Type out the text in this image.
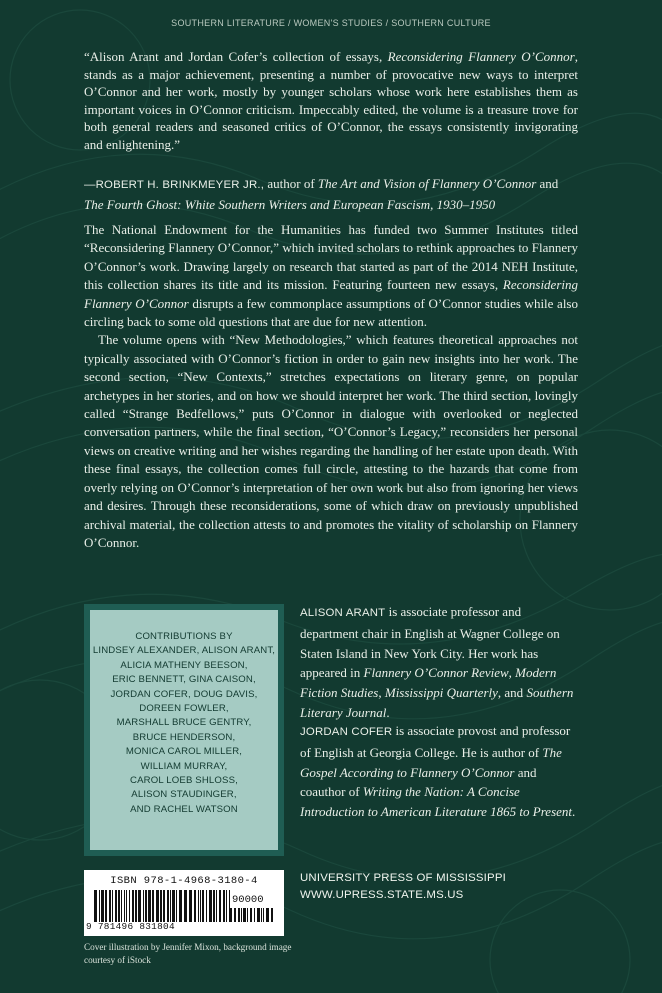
SOUTHERN LITERATURE / WOMEN'S STUDIES / SOUTHERN CULTURE

“Alison Arant and Jordan Cofer’s collection of essays, Reconsidering Flannery O’Connor, stands as a major achievement, presenting a number of provocative new ways to interpret O’Connor and her work, mostly by younger scholars whose work here establishes them as important voices in O’Connor criticism. Impeccably edited, the volume is a treasure trove for both general readers and seasoned critics of O’Connor, the essays consistently invigorating and enlightening.”

—ROBERT H. BRINKMEYER JR., author of The Art and Vision of Flannery O’Connor and The Fourth Ghost: White Southern Writers and European Fascism, 1930–1950

The National Endowment for the Humanities has funded two Summer Institutes titled “Reconsidering Flannery O’Connor,” which invited scholars to rethink approaches to Flannery O’Connor’s work. Drawing largely on research that started as part of the 2014 NEH Institute, this collection shares its title and its mission. Featuring fourteen new essays, Reconsidering Flannery O’Connor disrupts a few commonplace assumptions of O’Connor studies while also circling back to some old questions that are due for new attention.

The volume opens with “New Methodologies,” which features theoretical approaches not typically associated with O’Connor’s fiction in order to gain new insights into her work. The second section, “New Contexts,” stretches expectations on literary genre, on popular archetypes in her stories, and on how we should interpret her work. The third section, lovingly called “Strange Bedfellows,” puts O’Connor in dialogue with overlooked or neglected conversation partners, while the final section, “O’Connor’s Legacy,” reconsiders her personal views on creative writing and her wishes regarding the handling of her estate upon death. With these final essays, the collection comes full circle, attesting to the hazards that come from overly relying on O’Connor’s interpretation of her own work but also from ignoring her views and desires. Through these reconsiderations, some of which draw on previously unpublished archival material, the collection attests to and promotes the vitality of scholarship on Flannery O’Connor.

CONTRIBUTIONS BY
LINDSEY ALEXANDER, ALISON ARANT,
ALICIA MATHENY BEESON,
ERIC BENNETT, GINA CAISON,
JORDAN COFER, DOUG DAVIS,
DOREEN FOWLER,
MARSHALL BRUCE GENTRY,
BRUCE HENDERSON,
MONICA CAROL MILLER,
WILLIAM MURRAY,
CAROL LOEB SHLOSS,
ALISON STAUDINGER,
AND RACHEL WATSON
ALISON ARANT is associate professor and department chair in English at Wagner College on Staten Island in New York City. Her work has appeared in Flannery O’Connor Review, Modern Fiction Studies, Mississippi Quarterly, and Southern Literary Journal.
JORDAN COFER is associate provost and professor of English at Georgia College. He is author of The Gospel According to Flannery O’Connor and coauthor of Writing the Nation: A Concise Introduction to American Literature 1865 to Present.
UNIVERSITY PRESS OF MISSISSIPPI
WWW.UPRESS.STATE.MS.US
ISBN 978-1-4968-3180-4
90000
9 781496 831804
Cover illustration by Jennifer Mixon, background image courtesy of iStock
